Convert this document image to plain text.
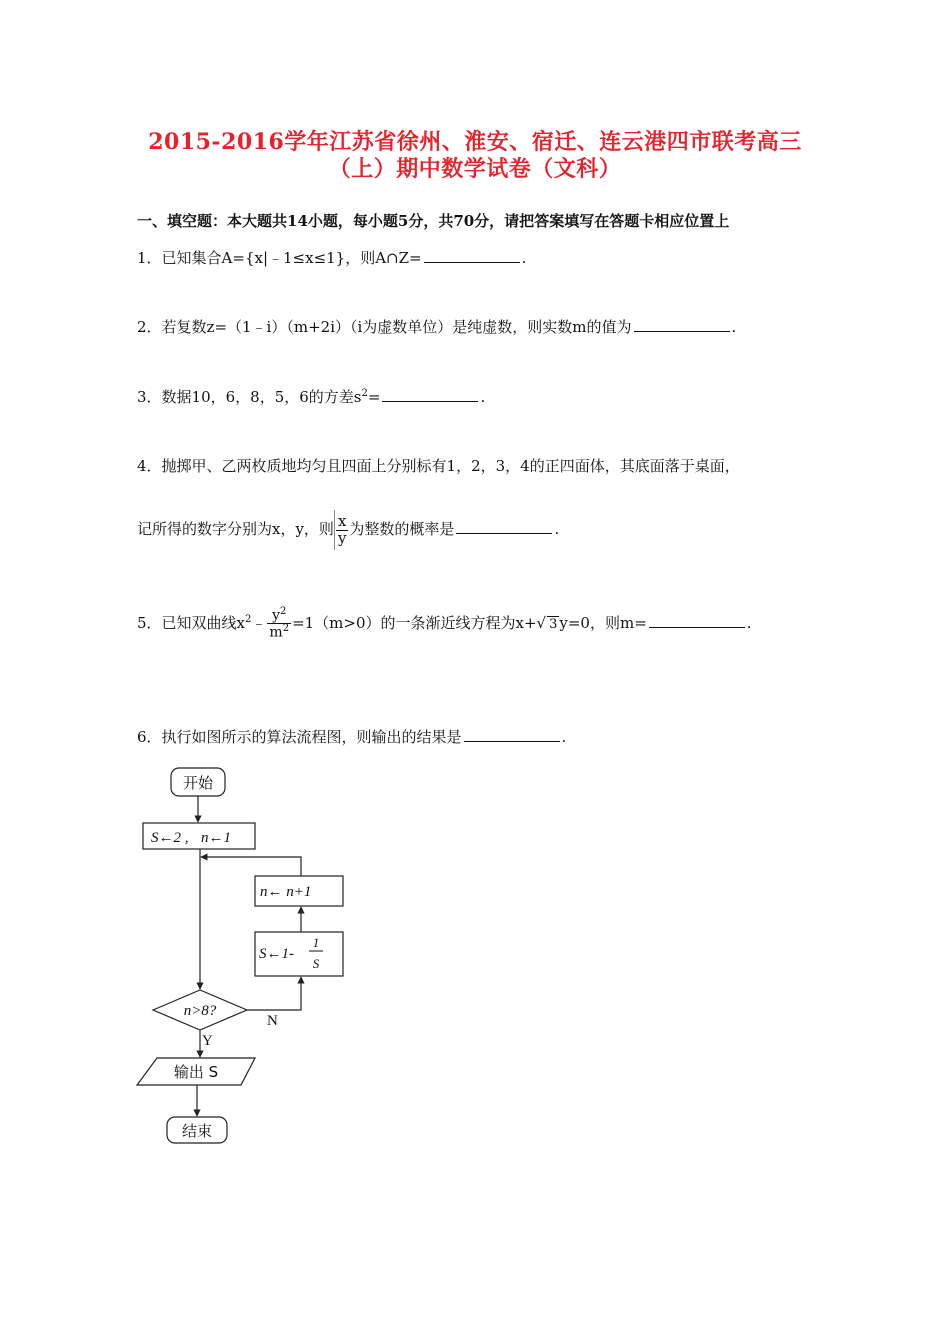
2015-2016学年江苏省徐州、淮安、宿迁、连云港四市联考高三
（上）期中数学试卷（文科）
一、填空题：本大题共14小题，每小题5分，共70分，请把答案填写在答题卡相应位置上
1．已知集合A={x|﹣1≤x≤1}，则A∩Z=	.
2．若复数z=（1﹣i）（m+2i）（i为虚数单位）是纯虚数，则实数m的值为	.
3．数据10，6，8，5，6的方差$s^2=$	.
4．抛掷甲、乙两枚质地均匀且四面上分别标有1，2，3，4的正四面体，其底面落于桌面，
记所得的数字分别为x，y，则 $\frac{x}{y}$ 为整数的概率是	.
5．已知双曲线$x^2﹣ \frac{y^2}{m^2} =1(m>0)$的一条渐近线方程为x+√ 3 y=0，则m=	.
6．执行如图所示的算法流程图，则输出的结果是	.
开始
S←2 , n←1
n← n+1
S←1-
1
S
n>8?
Y
N
输出 S
结束
